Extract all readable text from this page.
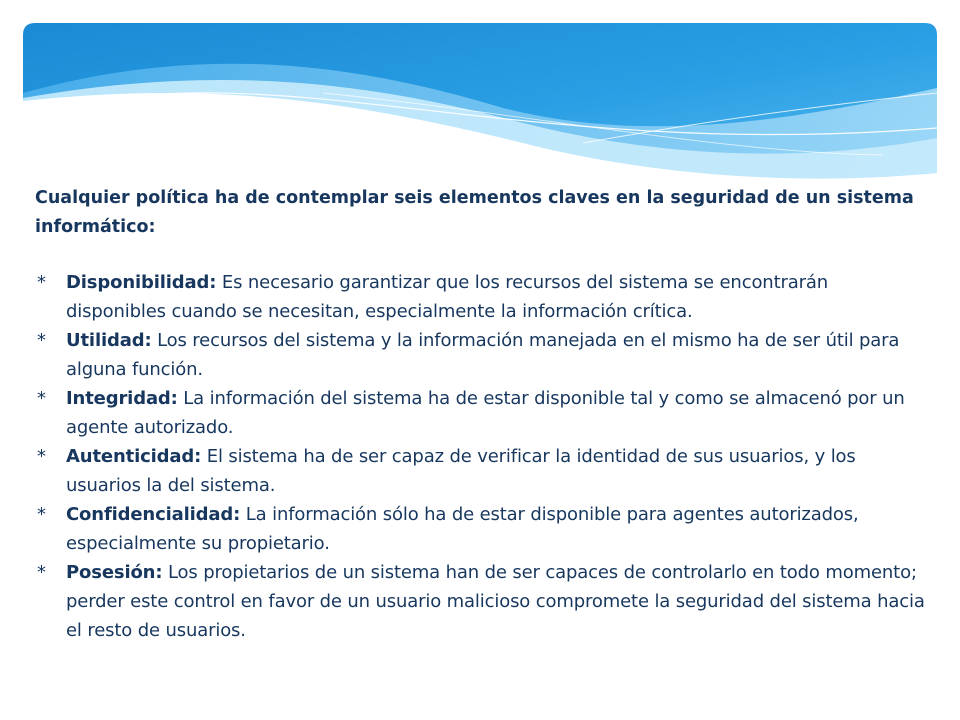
Cualquier política ha de contemplar seis elementos claves en la seguridad de un sistema informático:

* Disponibilidad: Es necesario garantizar que los recursos del sistema se encontrarán disponibles cuando se necesitan, especialmente la información crítica.
* Utilidad: Los recursos del sistema y la información manejada en el mismo ha de ser útil para alguna función.
* Integridad: La información del sistema ha de estar disponible tal y como se almacenó por un agente autorizado.
* Autenticidad: El sistema ha de ser capaz de verificar la identidad de sus usuarios, y los usuarios la del sistema.
* Confidencialidad: La información sólo ha de estar disponible para agentes autorizados, especialmente su propietario.
* Posesión: Los propietarios de un sistema han de ser capaces de controlarlo en todo momento; perder este control en favor de un usuario malicioso compromete la seguridad del sistema hacia el resto de usuarios.
